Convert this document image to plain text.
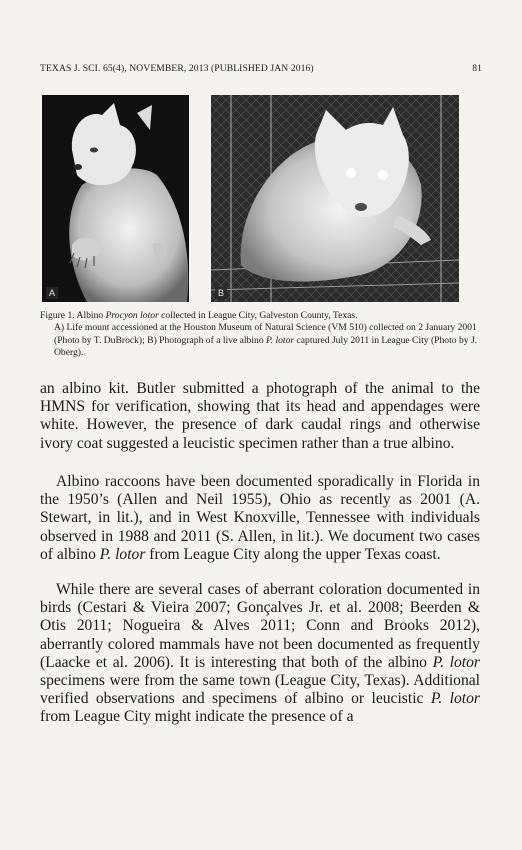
TEXAS J. SCI. 65(4), NOVEMBER, 2013 (PUBLISHED JAN 2016)	81
A	B
Figure 1. Albino Procyon lotor collected in League City, Galveston County, Texas.
A) Life mount accessioned at the Houston Museum of Natural Science (VM 510) collected on 2 January 2001 (Photo by T. DuBrock); B) Photograph of a live albino P. lotor captured July 2011 in League City (Photo by J. Oberg).

an albino kit. Butler submitted a photograph of the animal to the HMNS for verification, showing that its head and appendages were white. However, the presence of dark caudal rings and otherwise ivory coat suggested a leucistic specimen rather than a true albino.

Albino raccoons have been documented sporadically in Florida in the 1950’s (Allen and Neil 1955), Ohio as recently as 2001 (A. Stewart, in lit.), and in West Knoxville, Tennessee with individuals observed in 1988 and 2011 (S. Allen, in lit.). We document two cases of albino P. lotor from League City along the upper Texas coast.

While there are several cases of aberrant coloration documented in birds (Cestari & Vieira 2007; Gonçalves Jr. et al. 2008; Beerden & Otis 2011; Nogueira & Alves 2011; Conn and Brooks 2012), aberrantly colored mammals have not been documented as frequently (Laacke et al. 2006). It is interesting that both of the albino P. lotor specimens were from the same town (League City, Texas). Additional verified observations and specimens of albino or leucistic P. lotor from League City might indicate the presence of a
